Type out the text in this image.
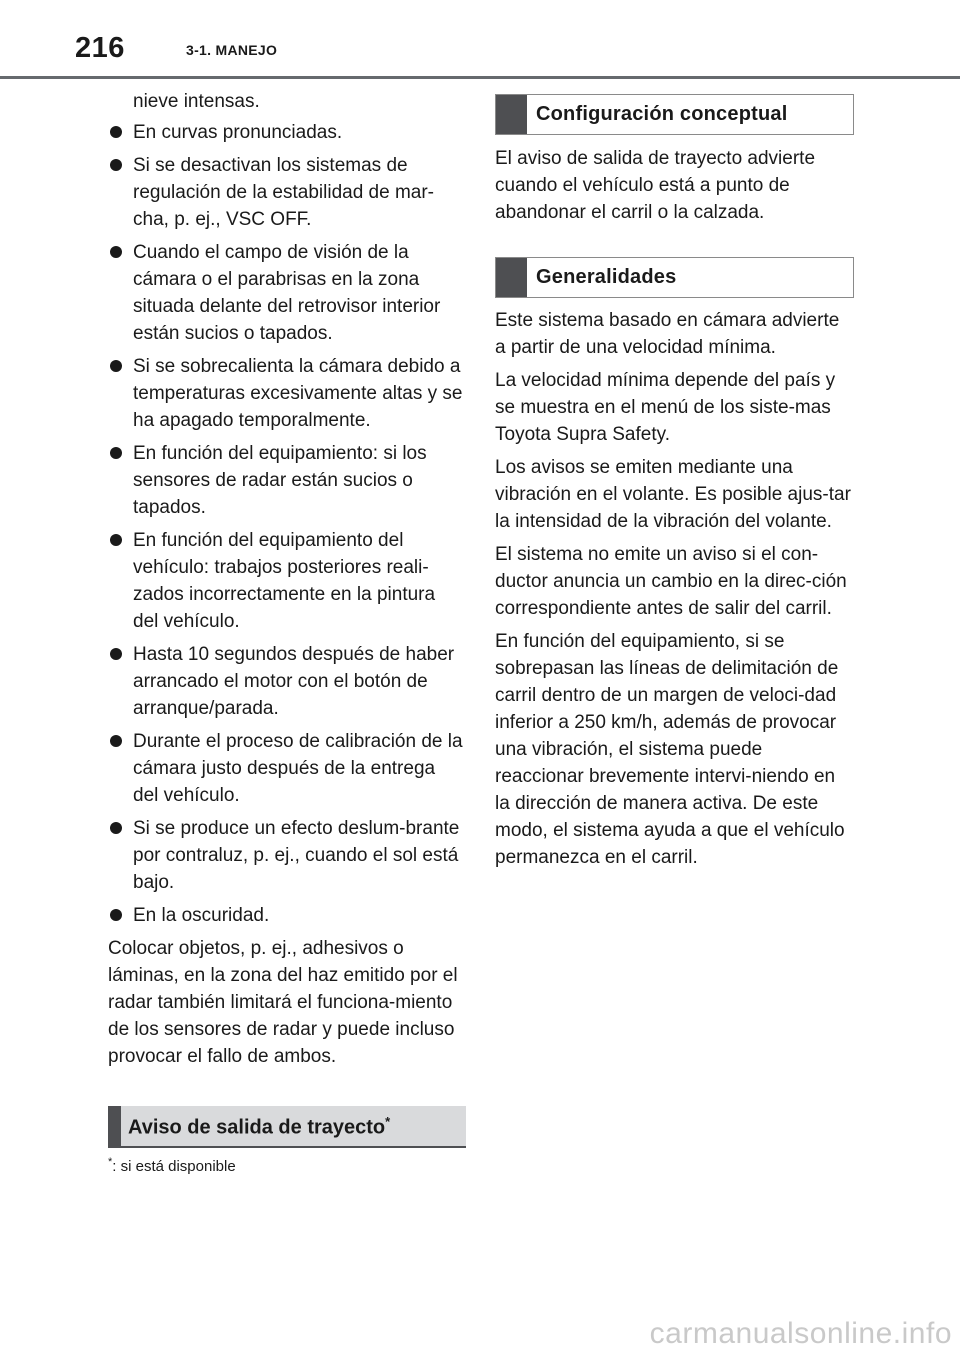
216	3-1. MANEJO

nieve intensas.

En curvas pronunciadas.
Si se desactivan los sistemas de regulación de la estabilidad de mar-cha, p. ej., VSC OFF.
Cuando el campo de visión de la cámara o el parabrisas en la zona situada delante del retrovisor interior están sucios o tapados.
Si se sobrecalienta la cámara debido a temperaturas excesivamente altas y se ha apagado temporalmente.
En función del equipamiento: si los sensores de radar están sucios o tapados.
En función del equipamiento del vehículo: trabajos posteriores reali-zados incorrectamente en la pintura del vehículo.
Hasta 10 segundos después de haber arrancado el motor con el botón de arranque/parada.
Durante el proceso de calibración de la cámara justo después de la entrega del vehículo.
Si se produce un efecto deslum-brante por contraluz, p. ej., cuando el sol está bajo.
En la oscuridad.

Colocar objetos, p. ej., adhesivos o láminas, en la zona del haz emitido por el radar también limitará el funciona-miento de los sensores de radar y puede incluso provocar el fallo de ambos.

Aviso de salida de trayecto*
*: si está disponible
Configuración conceptual

El aviso de salida de trayecto advierte cuando el vehículo está a punto de abandonar el carril o la calzada.

Generalidades

Este sistema basado en cámara advierte a partir de una velocidad mínima.

La velocidad mínima depende del país y se muestra en el menú de los siste-mas Toyota Supra Safety.

Los avisos se emiten mediante una vibración en el volante. Es posible ajus-tar la intensidad de la vibración del volante.

El sistema no emite un aviso si el con-ductor anuncia un cambio en la direc-ción correspondiente antes de salir del carril.

En función del equipamiento, si se sobrepasan las líneas de delimitación de carril dentro de un margen de veloci-dad inferior a 250 km/h, además de provocar una vibración, el sistema puede reaccionar brevemente intervi-niendo en la dirección de manera activa. De este modo, el sistema ayuda a que el vehículo permanezca en el carril.

carmanualsonline.info
